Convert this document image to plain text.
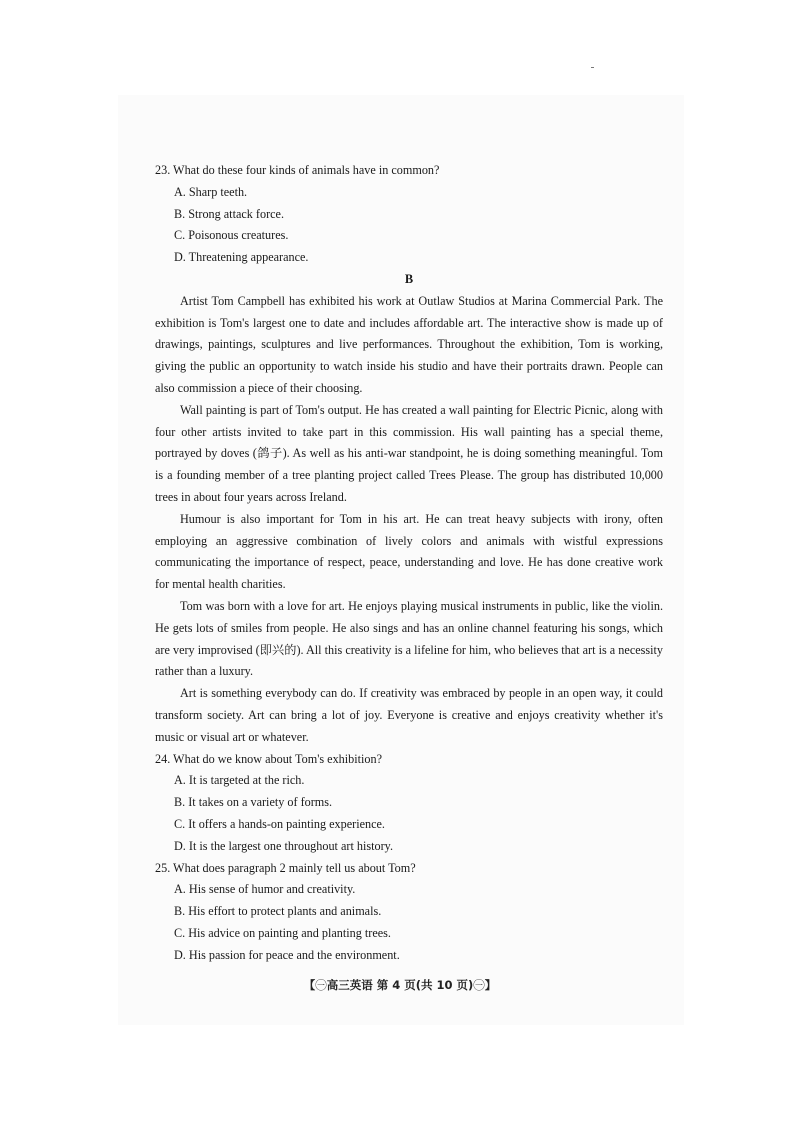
23. What do these four kinds of animals have in common?

A. Sharp teeth.

B. Strong attack force.

C. Poisonous creatures.

D. Threatening appearance.

B

Artist Tom Campbell has exhibited his work at Outlaw Studios at Marina Commercial Park. The exhibition is Tom's largest one to date and includes affordable art. The interactive show is made up of drawings, paintings, sculptures and live performances. Throughout the exhibition, Tom is working, giving the public an opportunity to watch inside his studio and have their portraits drawn. People can also commission a piece of their choosing.

Wall painting is part of Tom's output. He has created a wall painting for Electric Picnic, along with four other artists invited to take part in this commission. His wall painting has a special theme, portrayed by doves (鸽子). As well as his anti-war standpoint, he is doing something meaningful. Tom is a founding member of a tree planting project called Trees Please. The group has distributed 10,000 trees in about four years across Ireland.

Humour is also important for Tom in his art. He can treat heavy subjects with irony, often employing an aggressive combination of lively colors and animals with wistful expressions communicating the importance of respect, peace, understanding and love. He has done creative work for mental health charities.

Tom was born with a love for art. He enjoys playing musical instruments in public, like the violin. He gets lots of smiles from people. He also sings and has an online channel featuring his songs, which are very improvised (即兴的). All this creativity is a lifeline for him, who believes that art is a necessity rather than a luxury.

Art is something everybody can do. If creativity was embraced by people in an open way, it could transform society. Art can bring a lot of joy. Everyone is creative and enjoys creativity whether it's music or visual art or whatever.

24. What do we know about Tom's exhibition?

A. It is targeted at the rich.

B. It takes on a variety of forms.

C. It offers a hands-on painting experience.

D. It is the largest one throughout art history.

25. What does paragraph 2 mainly tell us about Tom?

A. His sense of humor and creativity.

B. His effort to protect plants and animals.

C. His advice on painting and planting trees.

D. His passion for peace and the environment.

【㊀高三英语 第 4 页(共 10 页)㊀】
